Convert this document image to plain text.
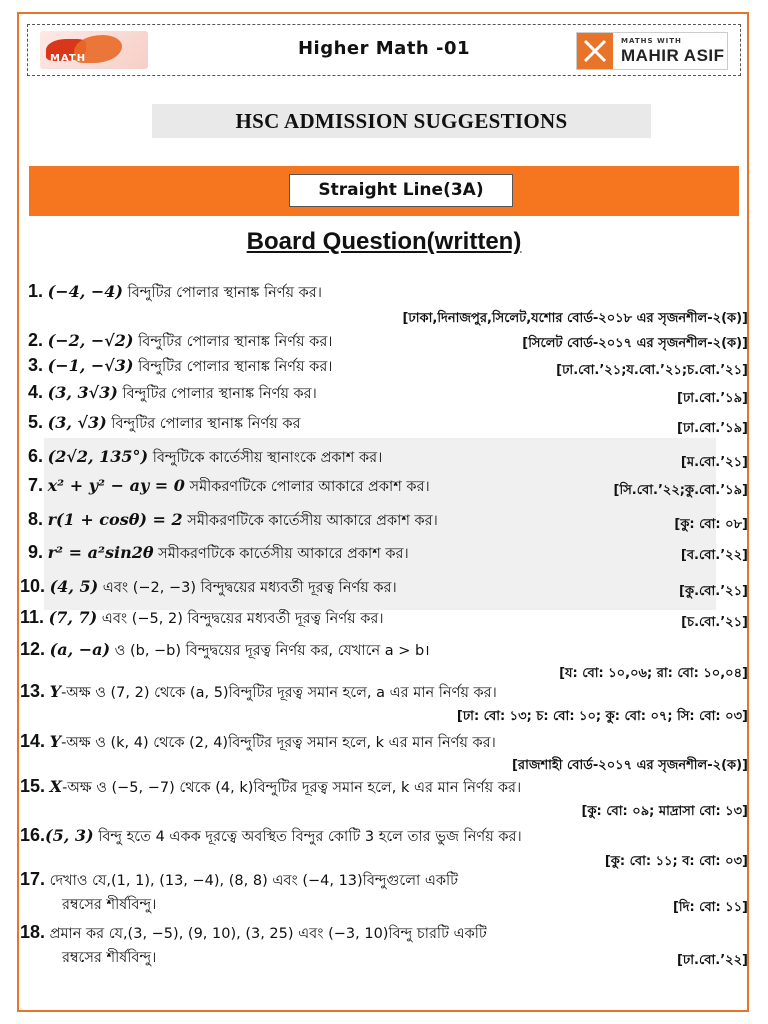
MATH	Higher Math -01	MATHS WITH
MAHIR ASIF
HSC ADMISSION SUGGESTIONS
Straight Line(3A)
Board Question(written)
1. (−4, −4) বিন্দুটির পোলার স্থানাঙ্ক নির্ণয় কর।
[ঢাকা,দিনাজপুর,সিলেট,যশোর বোর্ড-২০১৮ এর সৃজনশীল-২(ক)]
2. (−2, −√2) বিন্দুটির পোলার স্থানাঙ্ক নির্ণয় কর।	[সিলেট বোর্ড-২০১৭ এর সৃজনশীল-২(ক)]
3. (−1, −√3) বিন্দুটির পোলার স্থানাঙ্ক নির্ণয় কর।	[ঢা.বো.’২১;য.বো.’২১;চ.বো.’২১]
4. (3, 3√3) বিন্দুটির পোলার স্থানাঙ্ক নির্ণয় কর।	[ঢা.বো.’১৯]
5. (3, √3) বিন্দুটির পোলার স্থানাঙ্ক নির্ণয় কর	[ঢা.বো.’১৯]
6. (2√2, 135°) বিন্দুটিকে কার্তেসীয় স্থানাংকে প্রকাশ কর।	[ম.বো.’২১]
7. x² + y² − ay = 0 সমীকরণটিকে পোলার আকারে প্রকাশ কর।	[সি.বো.’২২;কু.বো.’১৯]
8. r(1 + cosθ) = 2 সমীকরণটিকে কার্তেসীয় আকারে প্রকাশ কর।	[কু: বো: ০৮]
9. r² = a²sin2θ সমীকরণটিকে কার্তেসীয় আকারে প্রকাশ কর।	[ব.বো.’২২]
10. (4, 5) এবং (−2, −3) বিন্দুদ্বয়ের মধ্যবর্তী দূরত্ব নির্ণয় কর।	[কু.বো.’২১]
11. (7, 7) এবং (−5, 2) বিন্দুদ্বয়ের মধ্যবর্তী দূরত্ব নির্ণয় কর।	[চ.বো.’২১]
12. (a, −a) ও (b, −b) বিন্দুদ্বয়ের দূরত্ব নির্ণয় কর, যেখানে a > b।
[য: বো: ১০,০৬; রা: বো: ১০,০৪]
13. Y-অক্ষ ও (7, 2) থেকে (a, 5)বিন্দুটির দূরত্ব সমান হলে, a এর মান নির্ণয় কর।
[ঢা: বো: ১৩; চ: বো: ১০; কু: বো: ০৭; সি: বো: ০৩]
14. Y-অক্ষ ও (k, 4) থেকে (2, 4)বিন্দুটির দূরত্ব সমান হলে, k এর মান নির্ণয় কর।
[রাজশাহী বোর্ড-২০১৭ এর সৃজনশীল-২(ক)]
15. X-অক্ষ ও (−5, −7) থেকে (4, k)বিন্দুটির দূরত্ব সমান হলে, k এর মান নির্ণয় কর।
[কু: বো: ০৯; মাদ্রাসা বো: ১৩]
16.(5, 3) বিন্দু হতে 4 একক দূরত্বে অবস্থিত বিন্দুর কোটি 3 হলে তার ভুজ নির্ণয় কর।
[কু: বো: ১১; ব: বো: ০৩]
17. দেখাও যে,(1, 1), (13, −4), (8, 8) এবং (−4, 13)বিন্দুগুলো একটি
রম্বসের শীর্ষবিন্দু।	[দি: বো: ১১]
18. প্রমান কর যে,(3, −5), (9, 10), (3, 25) এবং (−3, 10)বিন্দু চারটি একটি
রম্বসের শীর্ষবিন্দু।	[ঢা.বো.’২২]
